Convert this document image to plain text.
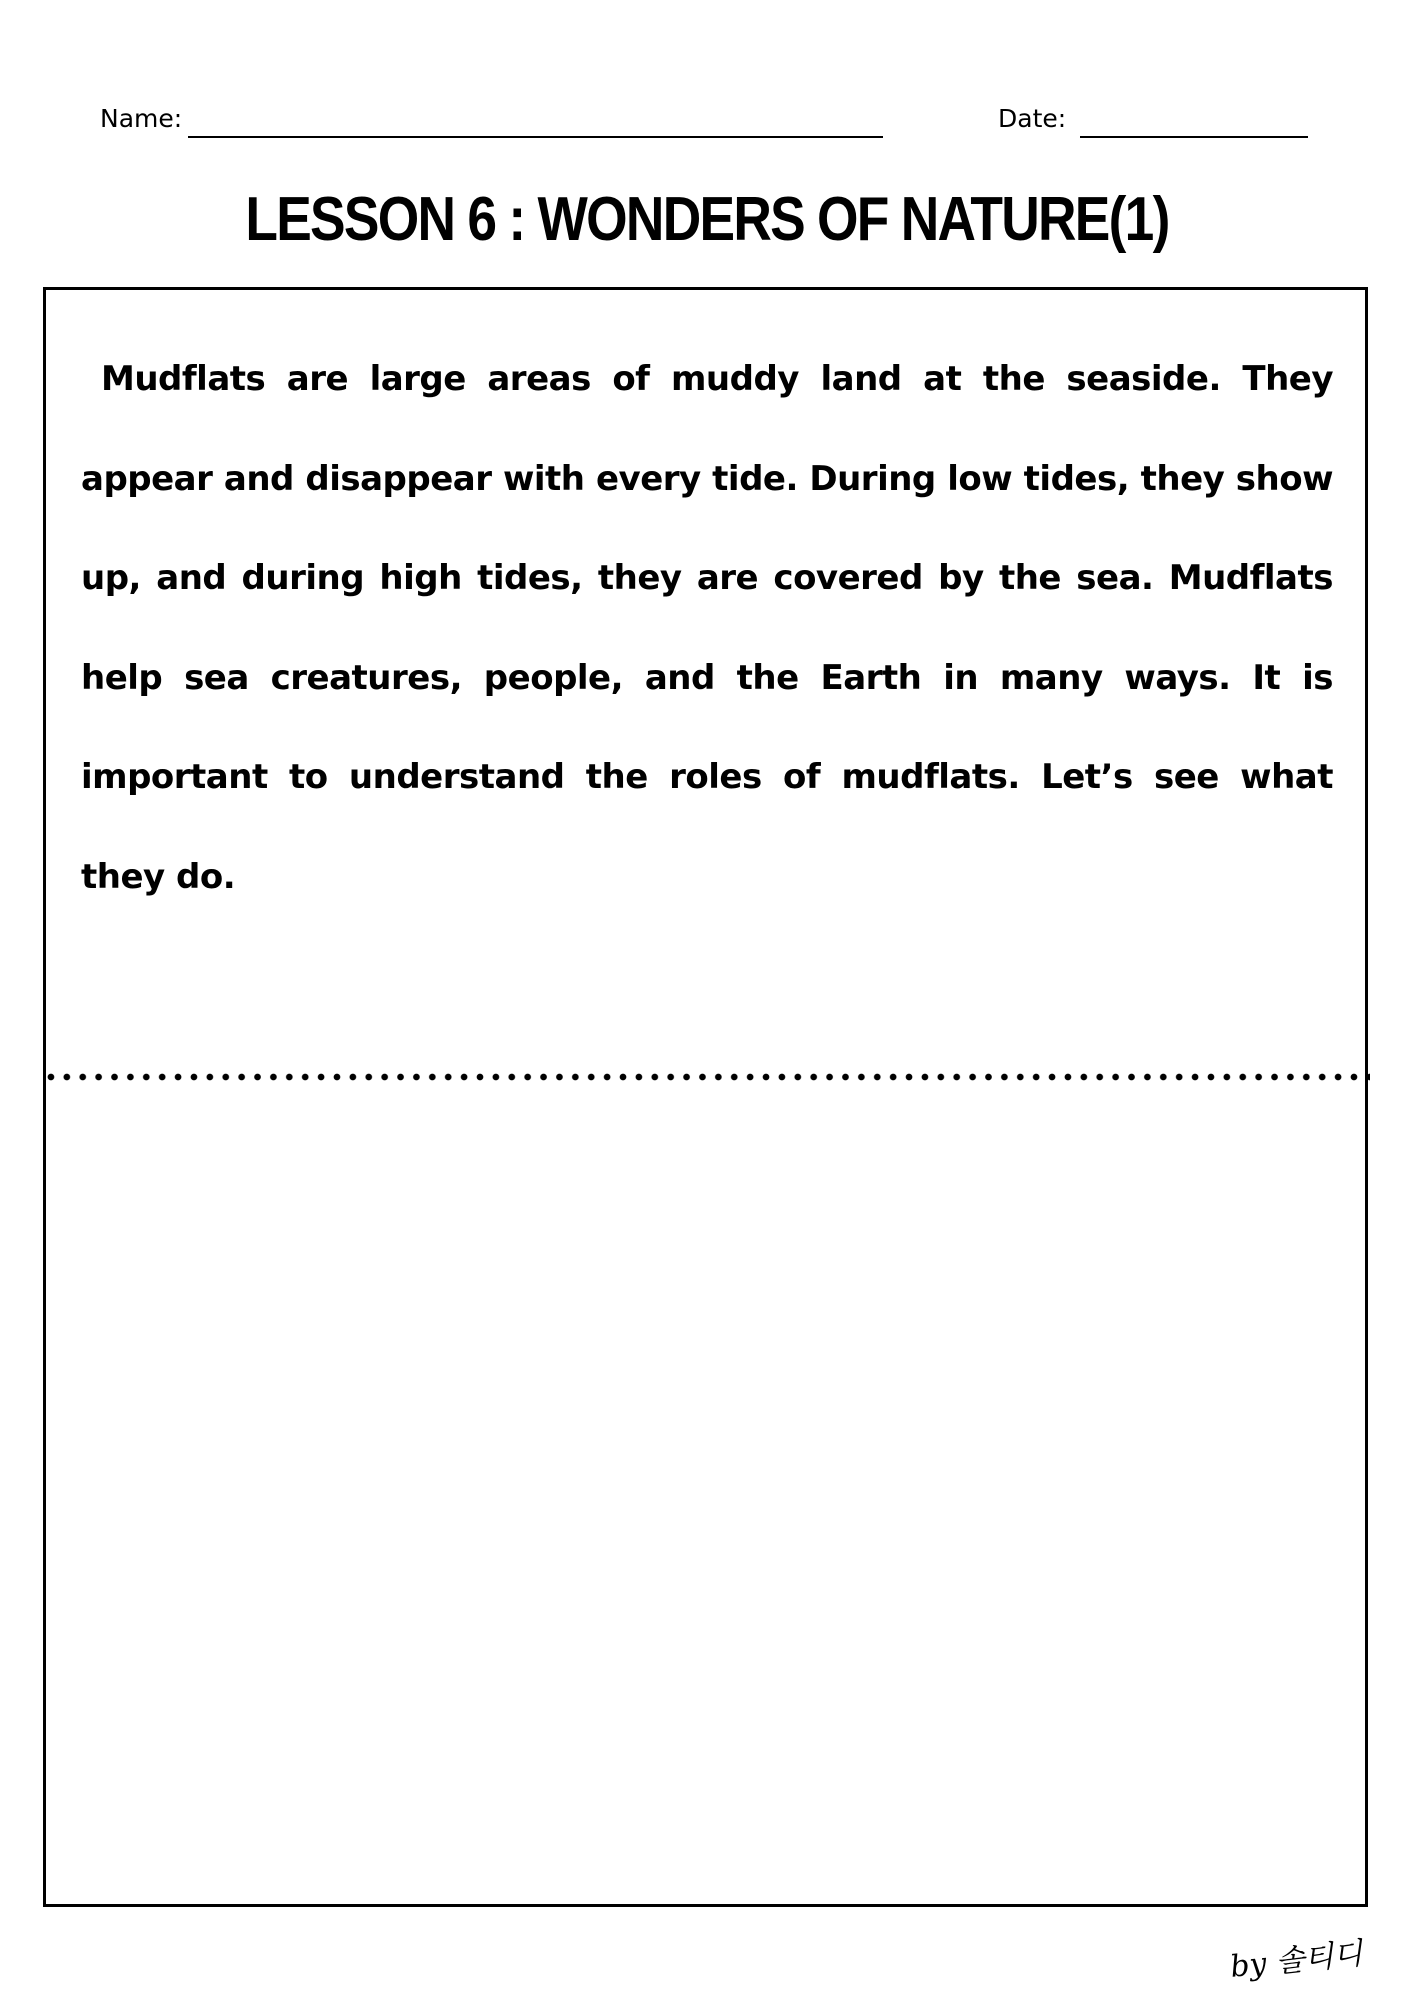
Name:	Date:
LESSON 6 : WONDERS OF NATURE(1)

Mudflats are large areas of muddy land at the seaside. They appear and disappear with every tide. During low tides, they show up, and during high tides, they are covered by the sea. Mudflats help sea creatures, people, and the Earth in many ways. It is important to understand the roles of mudflats. Let’s see what they do.

by 솔티디
